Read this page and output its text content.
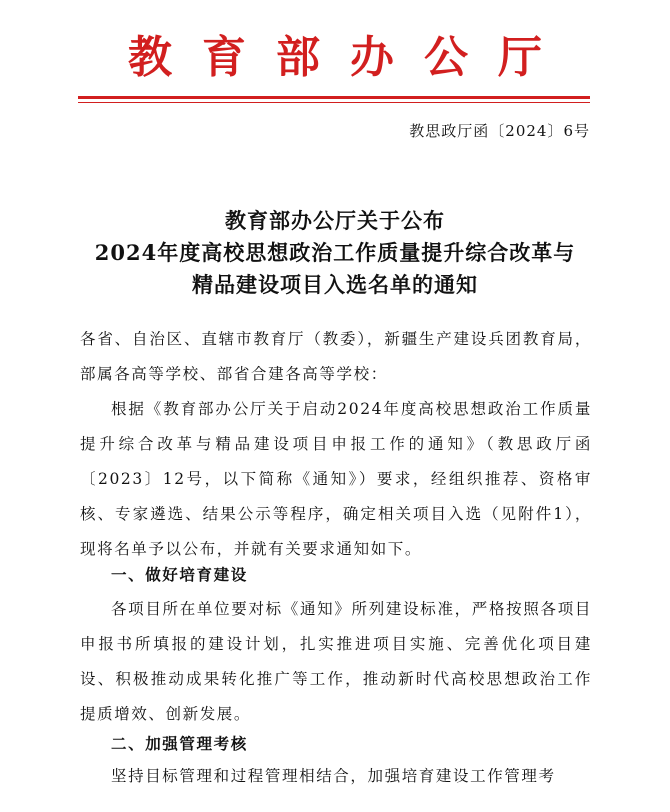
教育部办公厅
教思政厅函〔2024〕6号
教育部办公厅关于公布
2024年度高校思想政治工作质量提升综合改革与
精品建设项目入选名单的通知
各省、自治区、直辖市教育厅（教委），新疆生产建设兵团教育局，部属各高等学校、部省合建各高等学校：
根据《教育部办公厅关于启动2024年度高校思想政治工作质量提升综合改革与精品建设项目申报工作的通知》（教思政厅函〔2023〕12号，以下简称《通知》）要求，经组织推荐、资格审核、专家遴选、结果公示等程序，确定相关项目入选（见附件1），现将名单予以公布，并就有关要求通知如下。
一、做好培育建设
各项目所在单位要对标《通知》所列建设标准，严格按照各项目申报书所填报的建设计划，扎实推进项目实施、完善优化项目建设、积极推动成果转化推广等工作，推动新时代高校思想政治工作提质增效、创新发展。
二、加强管理考核
坚持目标管理和过程管理相结合，加强培育建设工作管理考
